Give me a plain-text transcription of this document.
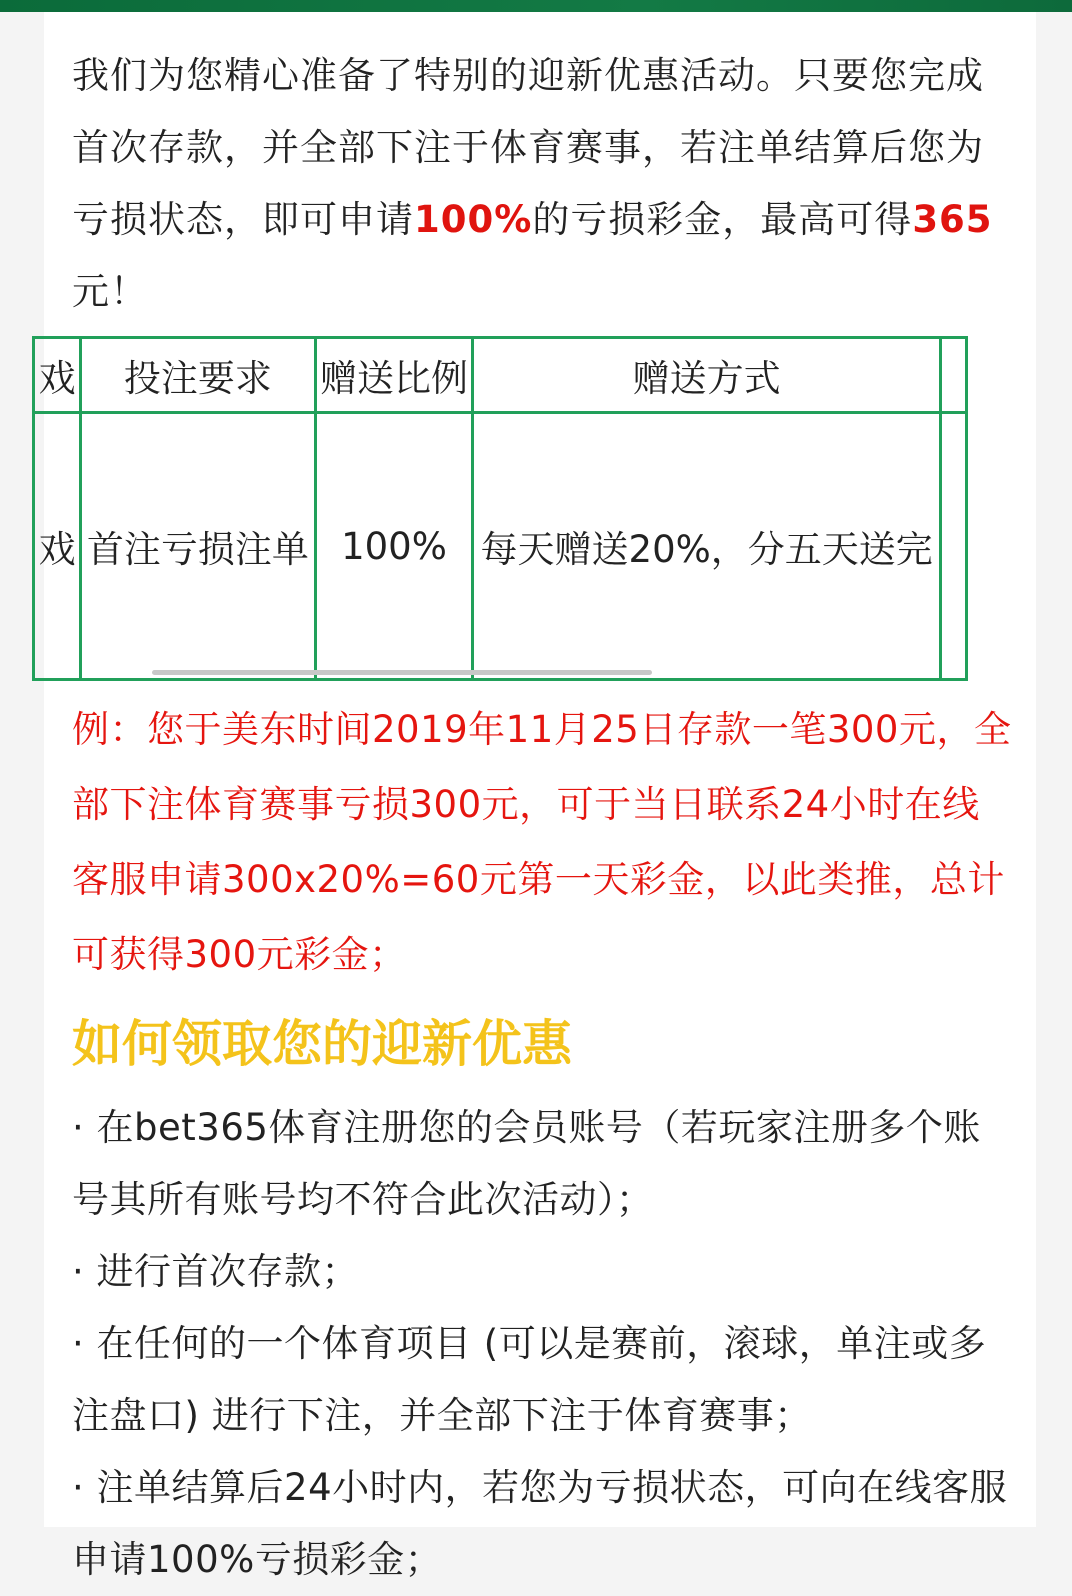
我们为您精心准备了特别的迎新优惠活动。只要您完成首次存款，并全部下注于体育赛事，若注单结算后您为亏损状态，即可申请100%的亏损彩金，最高可得365元！

戏	投注要求	赠送比例	赠送方式	
戏	首注亏损注单	100%	每天赠送20%，分五天送完	

例：您于美东时间2019年11月25日存款一笔300元，全部下注体育赛事亏损300元，可于当日联系24小时在线客服申请300x20%=60元第一天彩金，以此类推，总计可获得300元彩金；

如何领取您的迎新优惠
· 在bet365体育注册您的会员账号（若玩家注册多个账号其所有账号均不符合此次活动）；
· 进行首次存款；
· 在任何的一个体育项目 (可以是赛前，滚球，单注或多注盘口) 进行下注，并全部下注于体育赛事；
· 注单结算后24小时内，若您为亏损状态，可向在线客服申请100%亏损彩金；
